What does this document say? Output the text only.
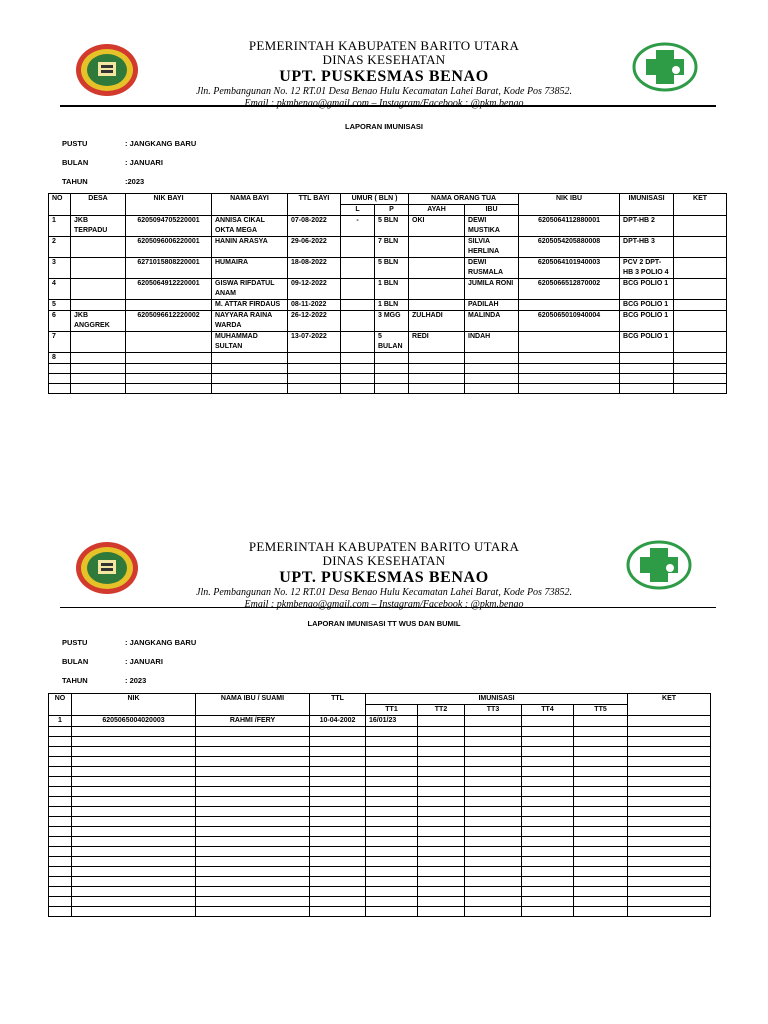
PEMERINTAH KABUPATEN BARITO UTARA
DINAS KESEHATAN
UPT. PUSKESMAS BENAO
Jln. Pembangunan No. 12 RT.01 Desa Benao Hulu Kecamatan Lahei Barat, Kode Pos 73852.
Email : pkmbenao@gmail.com – Instagram/Facebook : @pkm.benao
LAPORAN IMUNISASI
PUSTU	: JANGKANG BARU
BULAN	: JANUARI
TAHUN	:2023
NO	DESA	NIK BAYI	NAMA BAYI	TTL BAYI	UMUR ( BLN )		NAMA ORANG TUA		NIK IBU	IMUNISASI	KET
					L	P	AYAH	IBU			
1	JKB TERPADU	6205094705220001	ANNISA CIKAL OKTA MEGA	07-08-2022	-	5 BLN	OKI	DEWI MUSTIKA	6205064112880001	DPT-HB 2	
2		6205096006220001	HANIN ARASYA	29-06-2022		7 BLN		SILVIA HERLINA	6205054205880008	DPT-HB 3	
3		6271015808220001	HUMAIRA	18-08-2022		5 BLN		DEWI RUSMALA	6205064101940003	PCV 2 DPT-HB 3 POLIO 4	
4		6205064912220001	GISWA RIFDATUL ANAM	09-12-2022		1 BLN		JUMILA RONI	6205066512870002	BCG POLIO 1	
5			M. ATTAR FIRDAUS	08-11-2022		1 BLN		PADILAH		BCG POLIO 1	
6	JKB ANGGREK	6205096612220002	NAYYARA RAINA WARDA	26-12-2022		3 MGG	ZULHADI	MALINDA	6205065010940004	BCG POLIO 1	
7			MUHAMMAD SULTAN	13-07-2022		5 BULAN	REDI	INDAH		BCG POLIO 1	
8											

PEMERINTAH KABUPATEN BARITO UTARA
DINAS KESEHATAN
UPT. PUSKESMAS BENAO
Jln. Pembangunan No. 12 RT.01 Desa Benao Hulu Kecamatan Lahei Barat, Kode Pos 73852.
Email : pkmbenao@gmail.com – Instagram/Facebook : @pkm.benao
LAPORAN IMUNISASI TT WUS DAN BUMIL
PUSTU	: JANGKANG BARU
BULAN	: JANUARI
TAHUN	: 2023
NO	NIK	NAMA IBU / SUAMI	TTL	IMUNISASI					KET
				TT1	TT2	TT3	TT4	TT5	
1	6205065004020003	RAHMI /FERY	10-04-2002	16/01/23					
